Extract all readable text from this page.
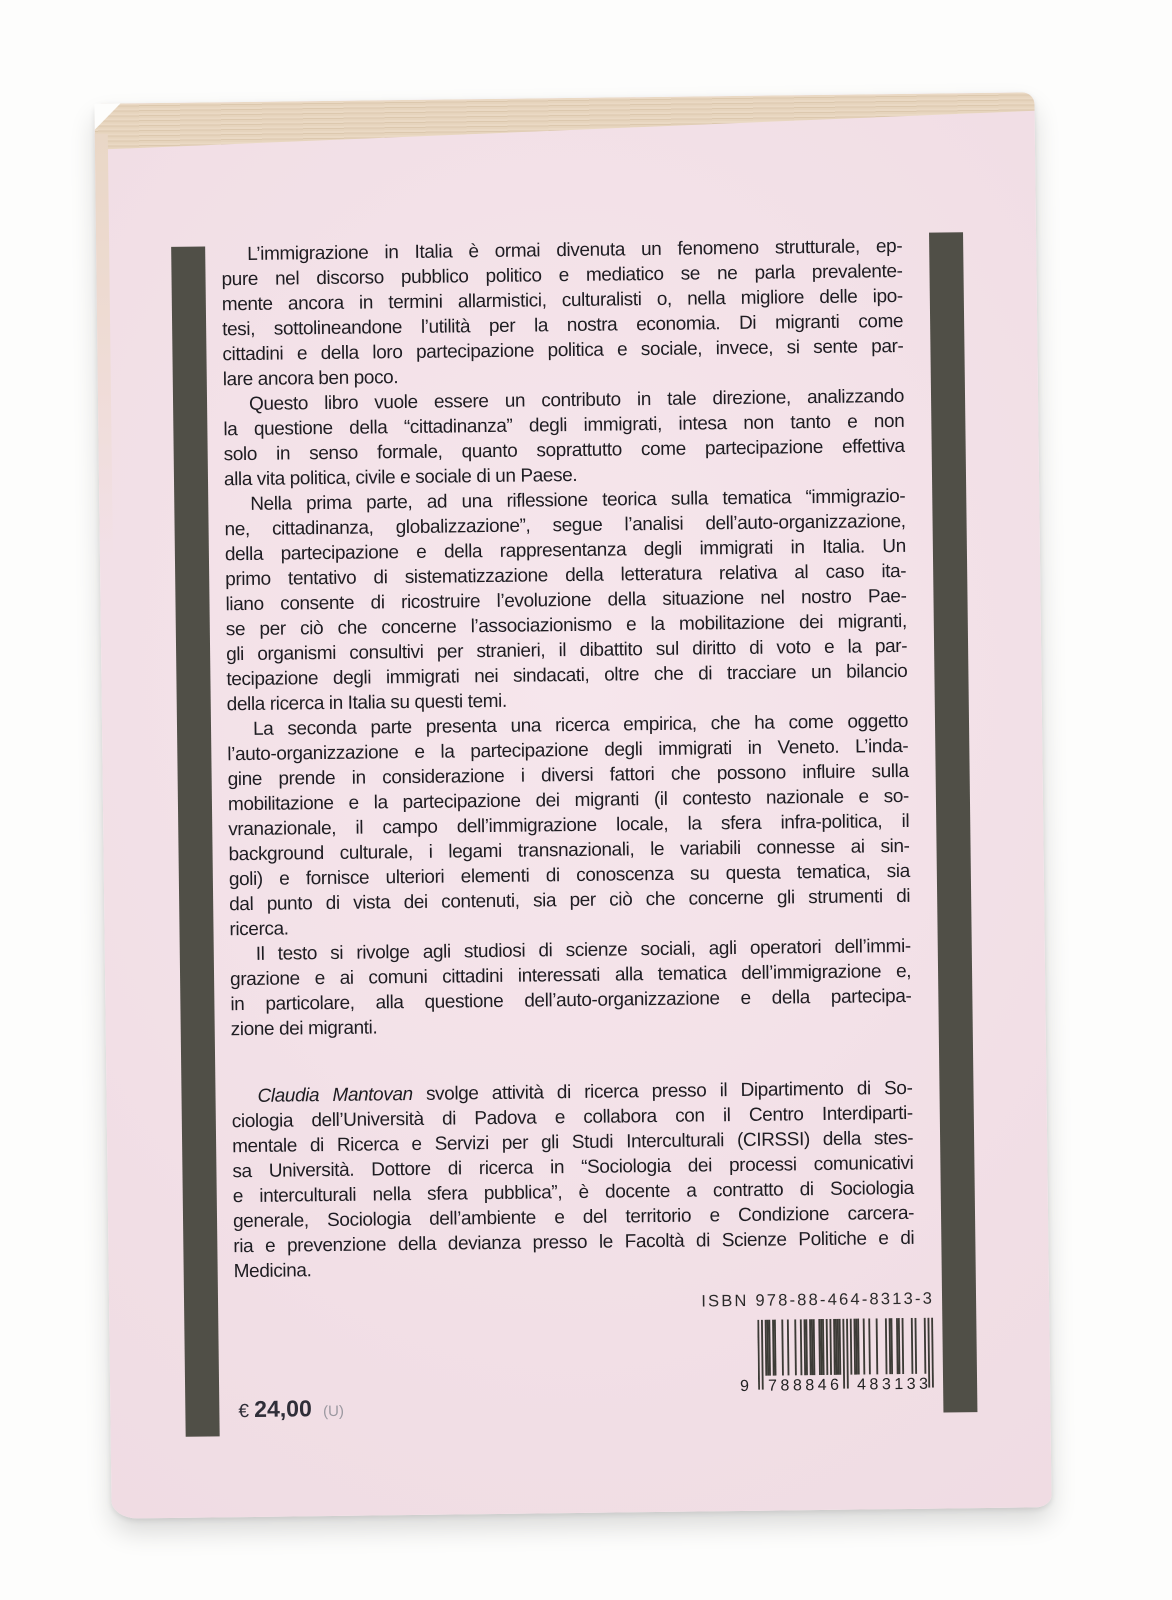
L’immigrazione in Italia è ormai divenuta un fenomeno strutturale, ep-
pure nel discorso pubblico politico e mediatico se ne parla prevalente-
mente ancora in termini allarmistici, culturalisti o, nella migliore delle ipo-
tesi, sottolineandone l’utilità per la nostra economia. Di migranti come
cittadini e della loro partecipazione politica e sociale, invece, si sente par-
lare ancora ben poco.
Questo libro vuole essere un contributo in tale direzione, analizzando
la questione della “cittadinanza” degli immigrati, intesa non tanto e non
solo in senso formale, quanto soprattutto come partecipazione effettiva
alla vita politica, civile e sociale di un Paese.
Nella prima parte, ad una riflessione teorica sulla tematica “immigrazio-
ne, cittadinanza, globalizzazione”, segue l’analisi dell’auto-organizzazione,
della partecipazione e della rappresentanza degli immigrati in Italia. Un
primo tentativo di sistematizzazione della letteratura relativa al caso ita-
liano consente di ricostruire l’evoluzione della situazione nel nostro Pae-
se per ciò che concerne l’associazionismo e la mobilitazione dei migranti,
gli organismi consultivi per stranieri, il dibattito sul diritto di voto e la par-
tecipazione degli immigrati nei sindacati, oltre che di tracciare un bilancio
della ricerca in Italia su questi temi.
La seconda parte presenta una ricerca empirica, che ha come oggetto
l’auto-organizzazione e la partecipazione degli immigrati in Veneto. L’inda-
gine prende in considerazione i diversi fattori che possono influire sulla
mobilitazione e la partecipazione dei migranti (il contesto nazionale e so-
vranazionale, il campo dell’immigrazione locale, la sfera infra-politica, il
background culturale, i legami transnazionali, le variabili connesse ai sin-
goli) e fornisce ulteriori elementi di conoscenza su questa tematica, sia
dal punto di vista dei contenuti, sia per ciò che concerne gli strumenti di
ricerca.
Il testo si rivolge agli studiosi di scienze sociali, agli operatori dell’immi-
grazione e ai comuni cittadini interessati alla tematica dell’immigrazione e,
in particolare, alla questione dell’auto-organizzazione e della partecipa-
zione dei migranti.
Claudia Mantovan svolge attività di ricerca presso il Dipartimento di So-
ciologia dell’Università di Padova e collabora con il Centro Interdiparti-
mentale di Ricerca e Servizi per gli Studi Interculturali (CIRSSI) della stes-
sa Università. Dottore di ricerca in “Sociologia dei processi comunicativi
e interculturali nella sfera pubblica”, è docente a contratto di Sociologia
generale, Sociologia dell’ambiente e del territorio e Condizione carcera-
ria e prevenzione della devianza presso le Facoltà di Scienze Politiche e di
Medicina.
ISBN 978-88-464-8313-3
9 788846 483133
€ 24,00 (U)
